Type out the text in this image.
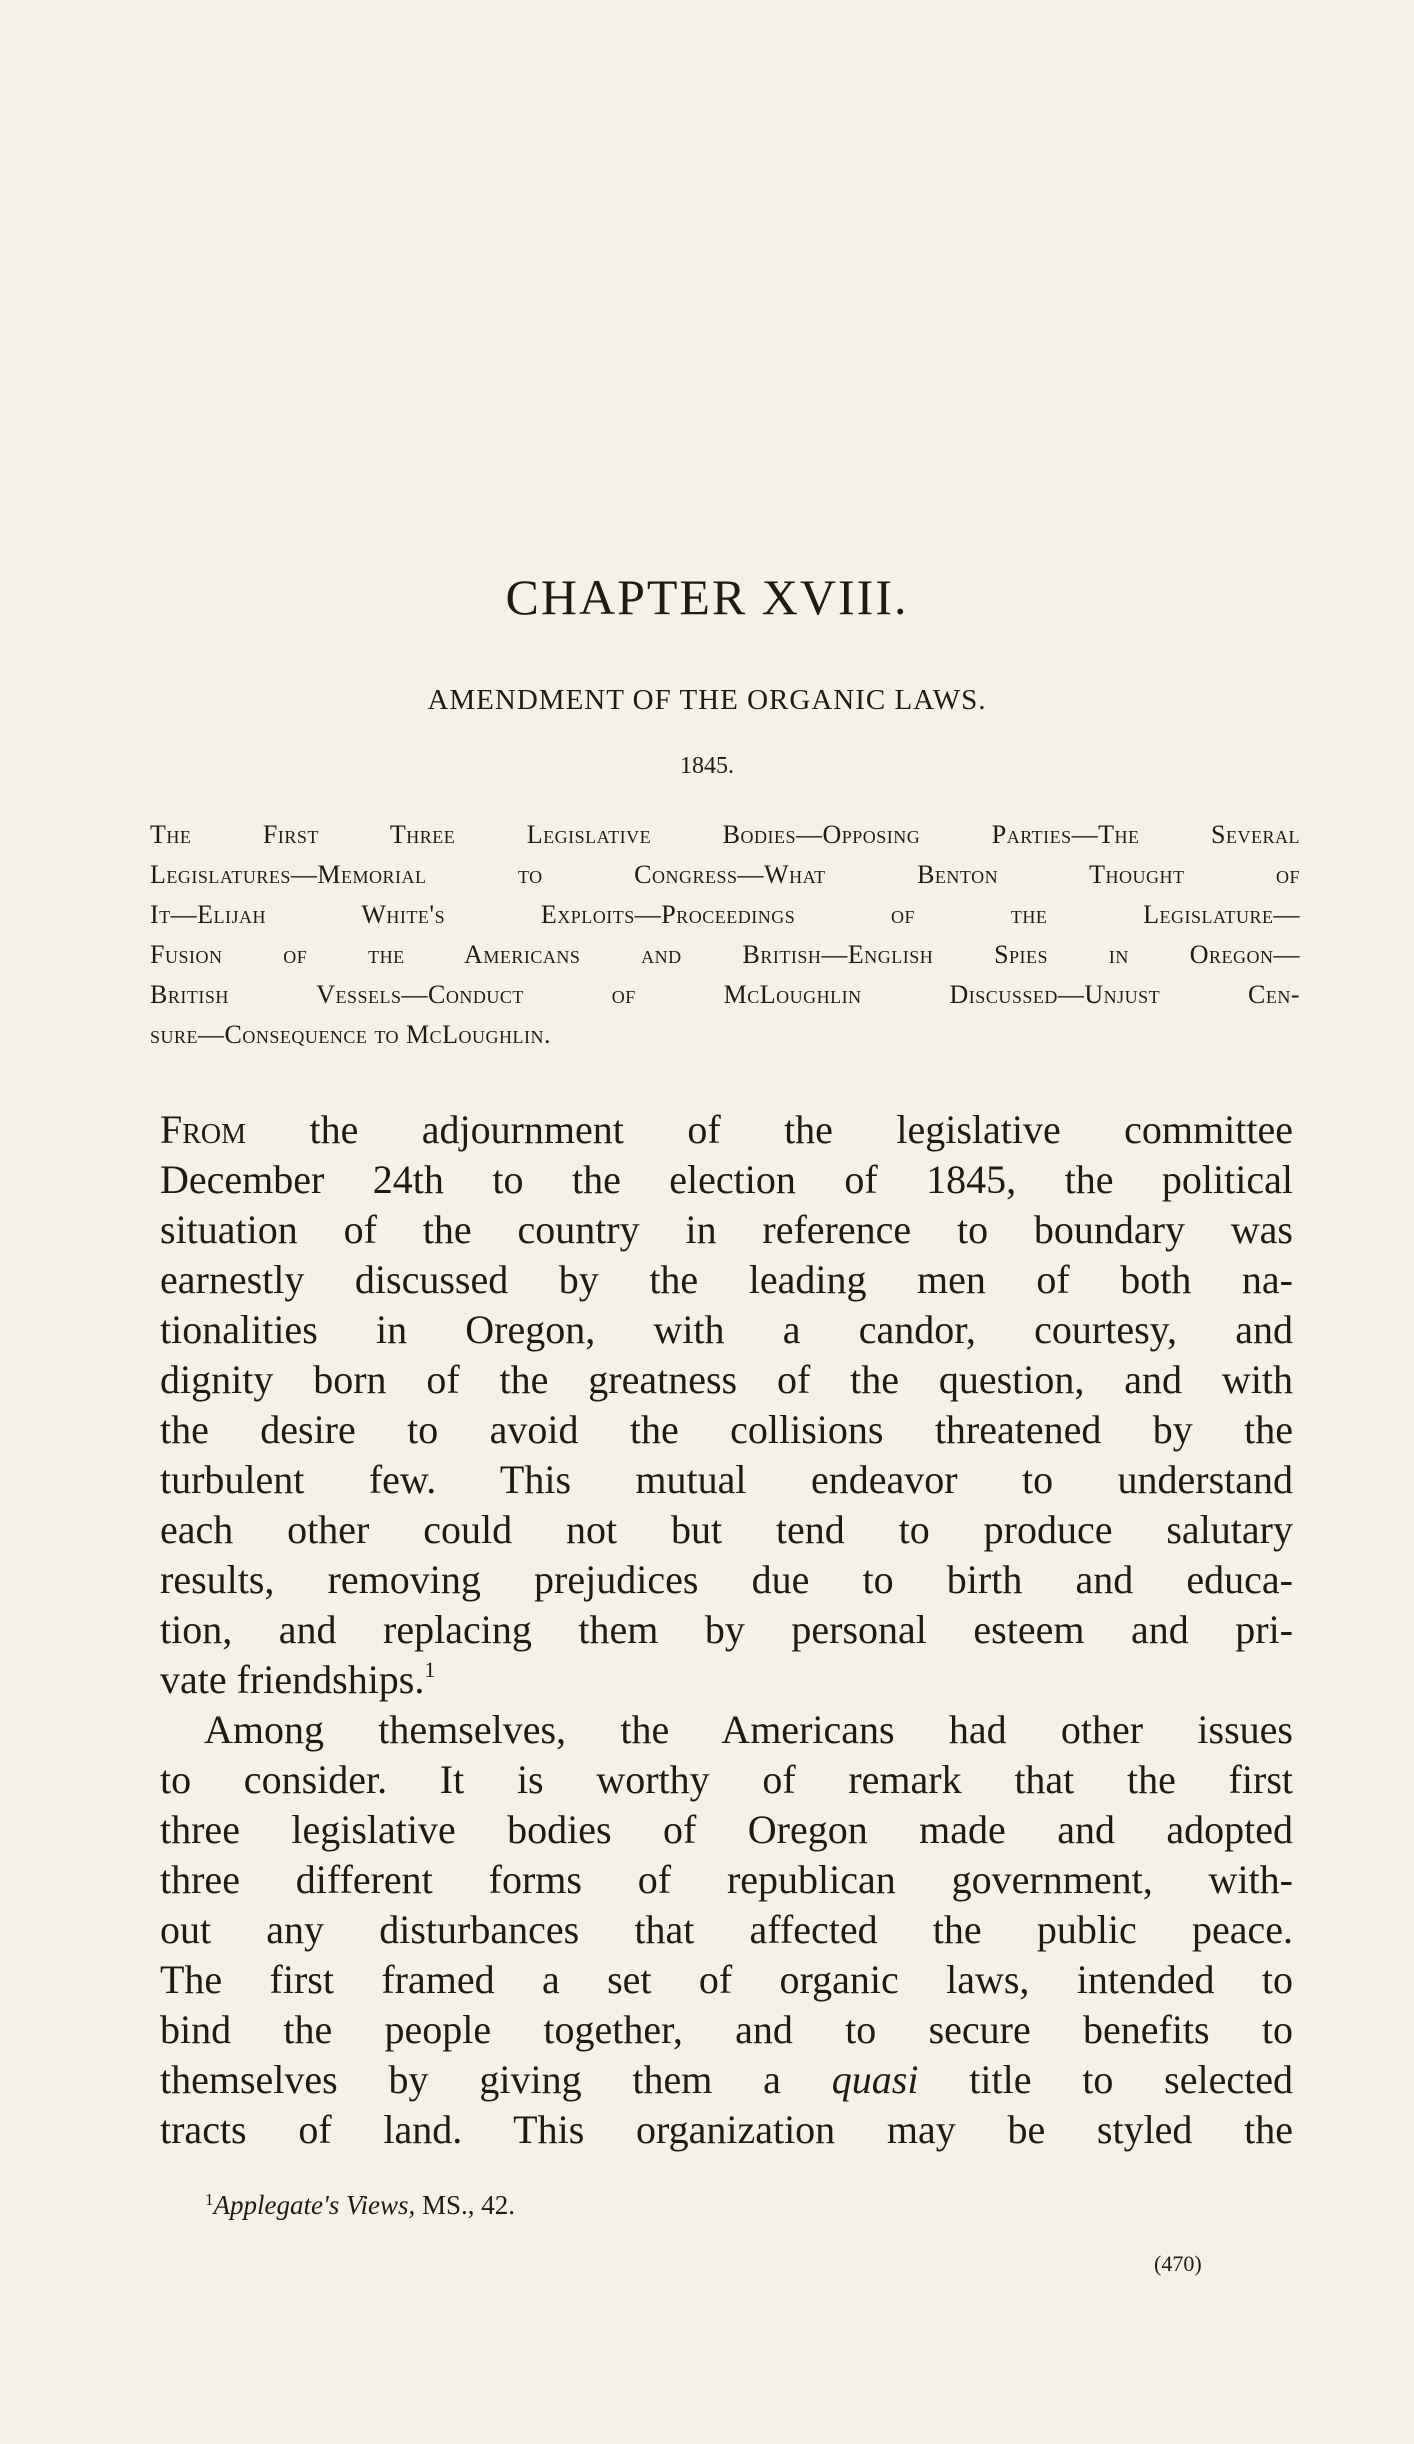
CHAPTER XVIII.
AMENDMENT OF THE ORGANIC LAWS.
1845.
The First Three Legislative Bodies—Opposing Parties—The Several
Legislatures—Memorial to Congress—What Benton Thought of
It—Elijah White's Exploits—Proceedings of the Legislature—
Fusion of the Americans and British—English Spies in Oregon—
British Vessels—Conduct of McLoughlin Discussed—Unjust Cen-
sure—Consequence to McLoughlin.
From the adjournment of the legislative committee
December 24th to the election of 1845, the political
situation of the country in reference to boundary was
earnestly discussed by the leading men of both na-
tionalities in Oregon, with a candor, courtesy, and
dignity born of the greatness of the question, and with
the desire to avoid the collisions threatened by the
turbulent few. This mutual endeavor to understand
each other could not but tend to produce salutary
results, removing prejudices due to birth and educa-
tion, and replacing them by personal esteem and pri-
vate friendships.$^1$
Among themselves, the Americans had other issues
to consider. It is worthy of remark that the first
three legislative bodies of Oregon made and adopted
three different forms of republican government, with-
out any disturbances that affected the public peace.
The first framed a set of organic laws, intended to
bind the people together, and to secure benefits to
themselves by giving them a quasi title to selected
tracts of land. This organization may be styled the
$^1$Applegate's Views, MS., 42.
(470)
